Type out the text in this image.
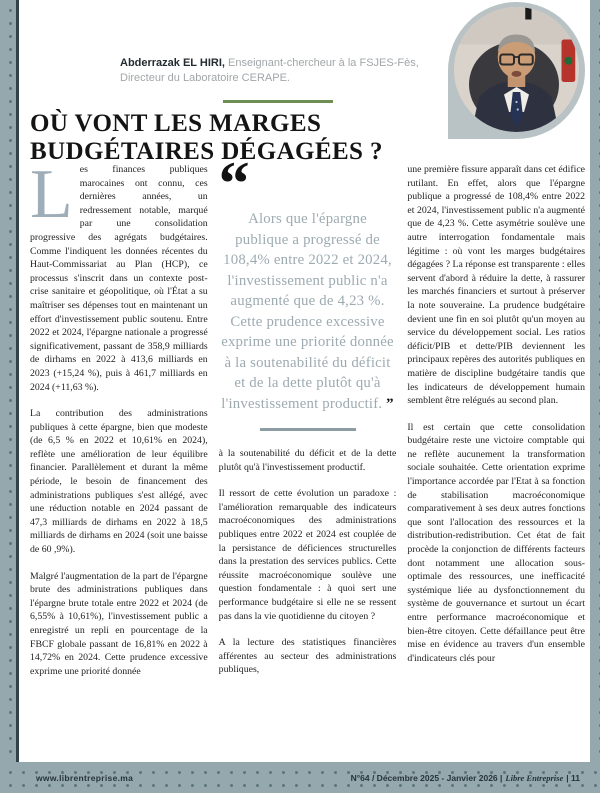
Abderrazak EL HIRI, Enseignant-chercheur à la FSJES-Fès,
Directeur du Laboratoire CERAPE.
OÙ VONT LES MARGES
BUDGÉTAIRES DÉGAGÉES ?

Les finances publiques marocaines ont connu, ces dernières années, un redressement notable, marqué par une consolidation progressive des agrégats budgétaires. Comme l'indiquent les données récentes du Haut-Commissariat au Plan (HCP), ce processus s'inscrit dans un contexte post-crise sanitaire et géopolitique, où l'État a su maîtriser ses dépenses tout en maintenant un effort d'investissement public soutenu. Entre 2022 et 2024, l'épargne nationale a progressé significativement, passant de 358,9 milliards de dirhams en 2022 à 413,6 milliards en 2023 (+15,24 %), puis à 461,7 milliards en 2024 (+11,63 %).

La contribution des administrations publiques à cette épargne, bien que modeste (de 6,5 % en 2022 et 10,61% en 2024), reflète une amélioration de leur équilibre financier. Parallèlement et durant la même période, le besoin de financement des administrations publiques s'est allégé, avec une réduction notable en 2024 passant de 47,3 milliards de dirhams en 2022 à 18,5 milliards de dirhams en 2024 (soit une baisse de 60 ,9%).

Malgré l'augmentation de la part de l'épargne brute des administrations publiques dans l'épargne brute totale entre 2022 et 2024 (de 6,55% à 10,61%), l'investissement public a enregistré un repli en pourcentage de la FBCF globale passant de 16,81% en 2022 à 14,72% en 2024. Cette prudence excessive exprime une priorité donnée

“
Alors que l'épargne publique a progressé de 108,4% entre 2022 et 2024, l'investissement public n'a augmenté que de 4,23 %. Cette prudence excessive exprime une priorité donnée à la soutenabilité du déficit et de la dette plutôt qu'à l'investissement productif. ”

à la soutenabilité du déficit et de la dette plutôt qu'à l'investissement productif.

Il ressort de cette évolution un paradoxe : l'amélioration remarquable des indicateurs macroéconomiques des administrations publiques entre 2022 et 2024 est couplée de la persistance de déficiences structurelles dans la prestation des services publics. Cette réussite macroéconomique soulève une question fondamentale : à quoi sert une performance budgétaire si elle ne se ressent pas dans la vie quotidienne du citoyen ?

A la lecture des statistiques financières afférentes au secteur des administrations publiques,

une première fissure apparaît dans cet édifice rutilant. En effet, alors que l'épargne publique a progressé de 108,4% entre 2022 et 2024, l'investissement public n'a augmenté que de 4,23 %. Cette asymétrie soulève une autre interrogation fondamentale mais légitime : où vont les marges budgétaires dégagées ? La réponse est transparente : elles servent d'abord à réduire la dette, à rassurer les marchés financiers et surtout à préserver la note souveraine. La prudence budgétaire devient une fin en soi plutôt qu'un moyen au service du développement social. Les ratios déficit/PIB et dette/PIB deviennent les principaux repères des autorités publiques en matière de discipline budgétaire tandis que les indicateurs de développement humain semblent être relégués au second plan.

Il est certain que cette consolidation budgétaire reste une victoire comptable qui ne reflète aucunement la transformation sociale souhaitée. Cette orientation exprime l'importance accordée par l'Etat à sa fonction de stabilisation macroéconomique comparativement à ses deux autres fonctions que sont l'allocation des ressources et la distribution-redistribution. Cet état de fait procède la conjonction de différents facteurs dont notamment une allocation sous-optimale des ressources, une inefficacité systémique liée au dysfonctionnement du système de gouvernance et surtout un écart entre performance macroéconomique et bien-être citoyen. Cette défaillance peut être mise en évidence au travers d'un ensemble d'indicateurs clés pour

www.librentreprise.ma	N°64 / Décembre 2025 - Janvier 2026 | Libre Entreprise | 11
